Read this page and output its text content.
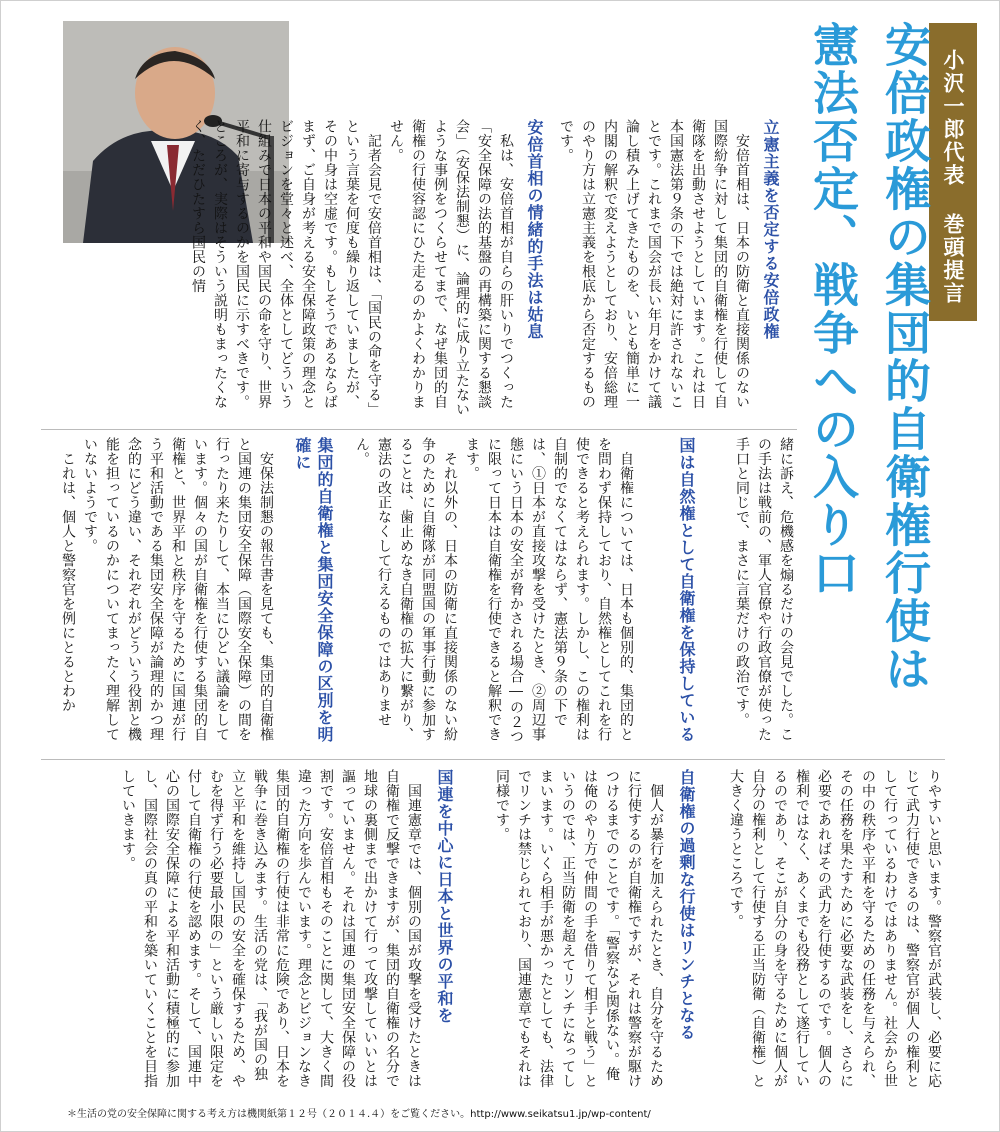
小沢一郎代表 巻頭提言
安倍政権の集団的自衛権行使は
憲法否定、戦争への入り口
立憲主義を否定する安倍政権
　安倍首相は、日本の防衛と直接関係のない国際紛争に対して集団的自衛権を行使して自衛隊を出動させようとしています。これは日本国憲法第９条の下では絶対に許されないことです。これまで国会が長い年月をかけて議論し積み上げてきたものを、いとも簡単に一内閣の解釈で変えようとしており、安倍総理のやり方は立憲主義を根底から否定するものです。
安倍首相の情緒的手法は姑息
　私は、安倍首相が自らの肝いりでつくった「安全保障の法的基盤の再構築に関する懇談会」（安保法制懇）に、論理的に成り立たないような事例をつくらせてまで、なぜ集団的自衛権の行使容認にひた走るのかよくわかりません。
　記者会見で安倍首相は、「国民の命を守る」という言葉を何度も繰り返していましたが、その中身は空虚です。もしそうであるならばまず、ご自身が考える安全保障政策の理念とビジョンを堂々と述べ、全体としてどういう仕組みで日本の平和や国民の命を守り、世界平和に寄与するのかを国民に示すべきです。ところが、実際はそういう説明もまったくなく、ただひたすら国民の情
緒に訴え、危機感を煽るだけの会見でした。この手法は戦前の、軍人官僚や行政官僚が使った手口と同じで、まさに言葉だけの政治です。
国は自然権として自衛権を保持している
　自衛権については、日本も個別的、集団的とを問わず保持しており、自然権としてこれを行使できると考えられます。しかし、この権利は自制的でなくてはならず、憲法第９条の下では、①日本が直接攻撃を受けたとき、②周辺事態にいう日本の安全が脅かされる場合―の２つに限って日本は自衛権を行使できると解釈できます。
　それ以外の、日本の防衛に直接関係のない紛争のために自衛隊が同盟国の軍事行動に参加することは、歯止めなき自衛権の拡大に繋がり、憲法の改正なくして行えるものではありません。
集団的自衛権と集団安全保障の区別を明確に
　安保法制懇の報告書を見ても、集団的自衛権と国連の集団安全保障（国際安全保障）の間を行ったり来たりして、本当にひどい議論をしています。個々の国が自衛権を行使する集団的自衛権と、世界平和と秩序を守るために国連が行う平和活動である集団安全保障が論理的かつ理念的にどう違い、それぞれがどういう役割と機能を担っているのかについてまったく理解していないようです。
　これは、個人と警察官を例にとるとわか
りやすいと思います。警察官が武装し、必要に応じて武力行使できるのは、警察官が個人の権利として行っているわけではありません。社会から世の中の秩序や平和を守るための任務を与えられ、その任務を果たすために必要な武装をし、さらに必要であればその武力を行使するのです。個人の権利ではなく、あくまでも役務として遂行しているのであり、そこが自分の身を守るために個人が自分の権利として行使する正当防衛（自衛権）と大きく違うところです。
自衛権の過剰な行使はリンチとなる
　個人が暴行を加えられたとき、自分を守るために行使するのが自衛権ですが、それは警察が駆けつけるまでのことです。「警察など関係ない。俺は俺のやり方で仲間の手を借りて相手と戦う」というのでは、正当防衛を超えてリンチになってしまいます。いくら相手が悪かったとしても、法律でリンチは禁じられており、国連憲章でもそれは同様です。
国連を中心に日本と世界の平和を
　国連憲章では、個別の国が攻撃を受けたときは自衛権で反撃できますが、集団的自衛権の名分で地球の裏側まで出かけて行って攻撃していいとは謳っていません。それは国連の集団安全保障の役割です。安倍首相もそのことに関して、大きく間違った方向を歩んでいます。理念とビジョンなき集団的自衛権の行使は非常に危険であり、日本を戦争に巻き込みます。生活の党は、「我が国の独立と平和を維持し国民の安全を確保するため、やむを得ず行う必要最小限の」という厳しい限定を付して自衛権の行使を認めます。そして、国連中心の国際安全保障による平和活動に積極的に参加し、国際社会の真の平和を築いていくことを目指していきます。
＊生活の党の安全保障に関する考え方は機関紙第１２号（２０１４.４）をご覧ください。http://www.seikatsu1.jp/wp-content/
